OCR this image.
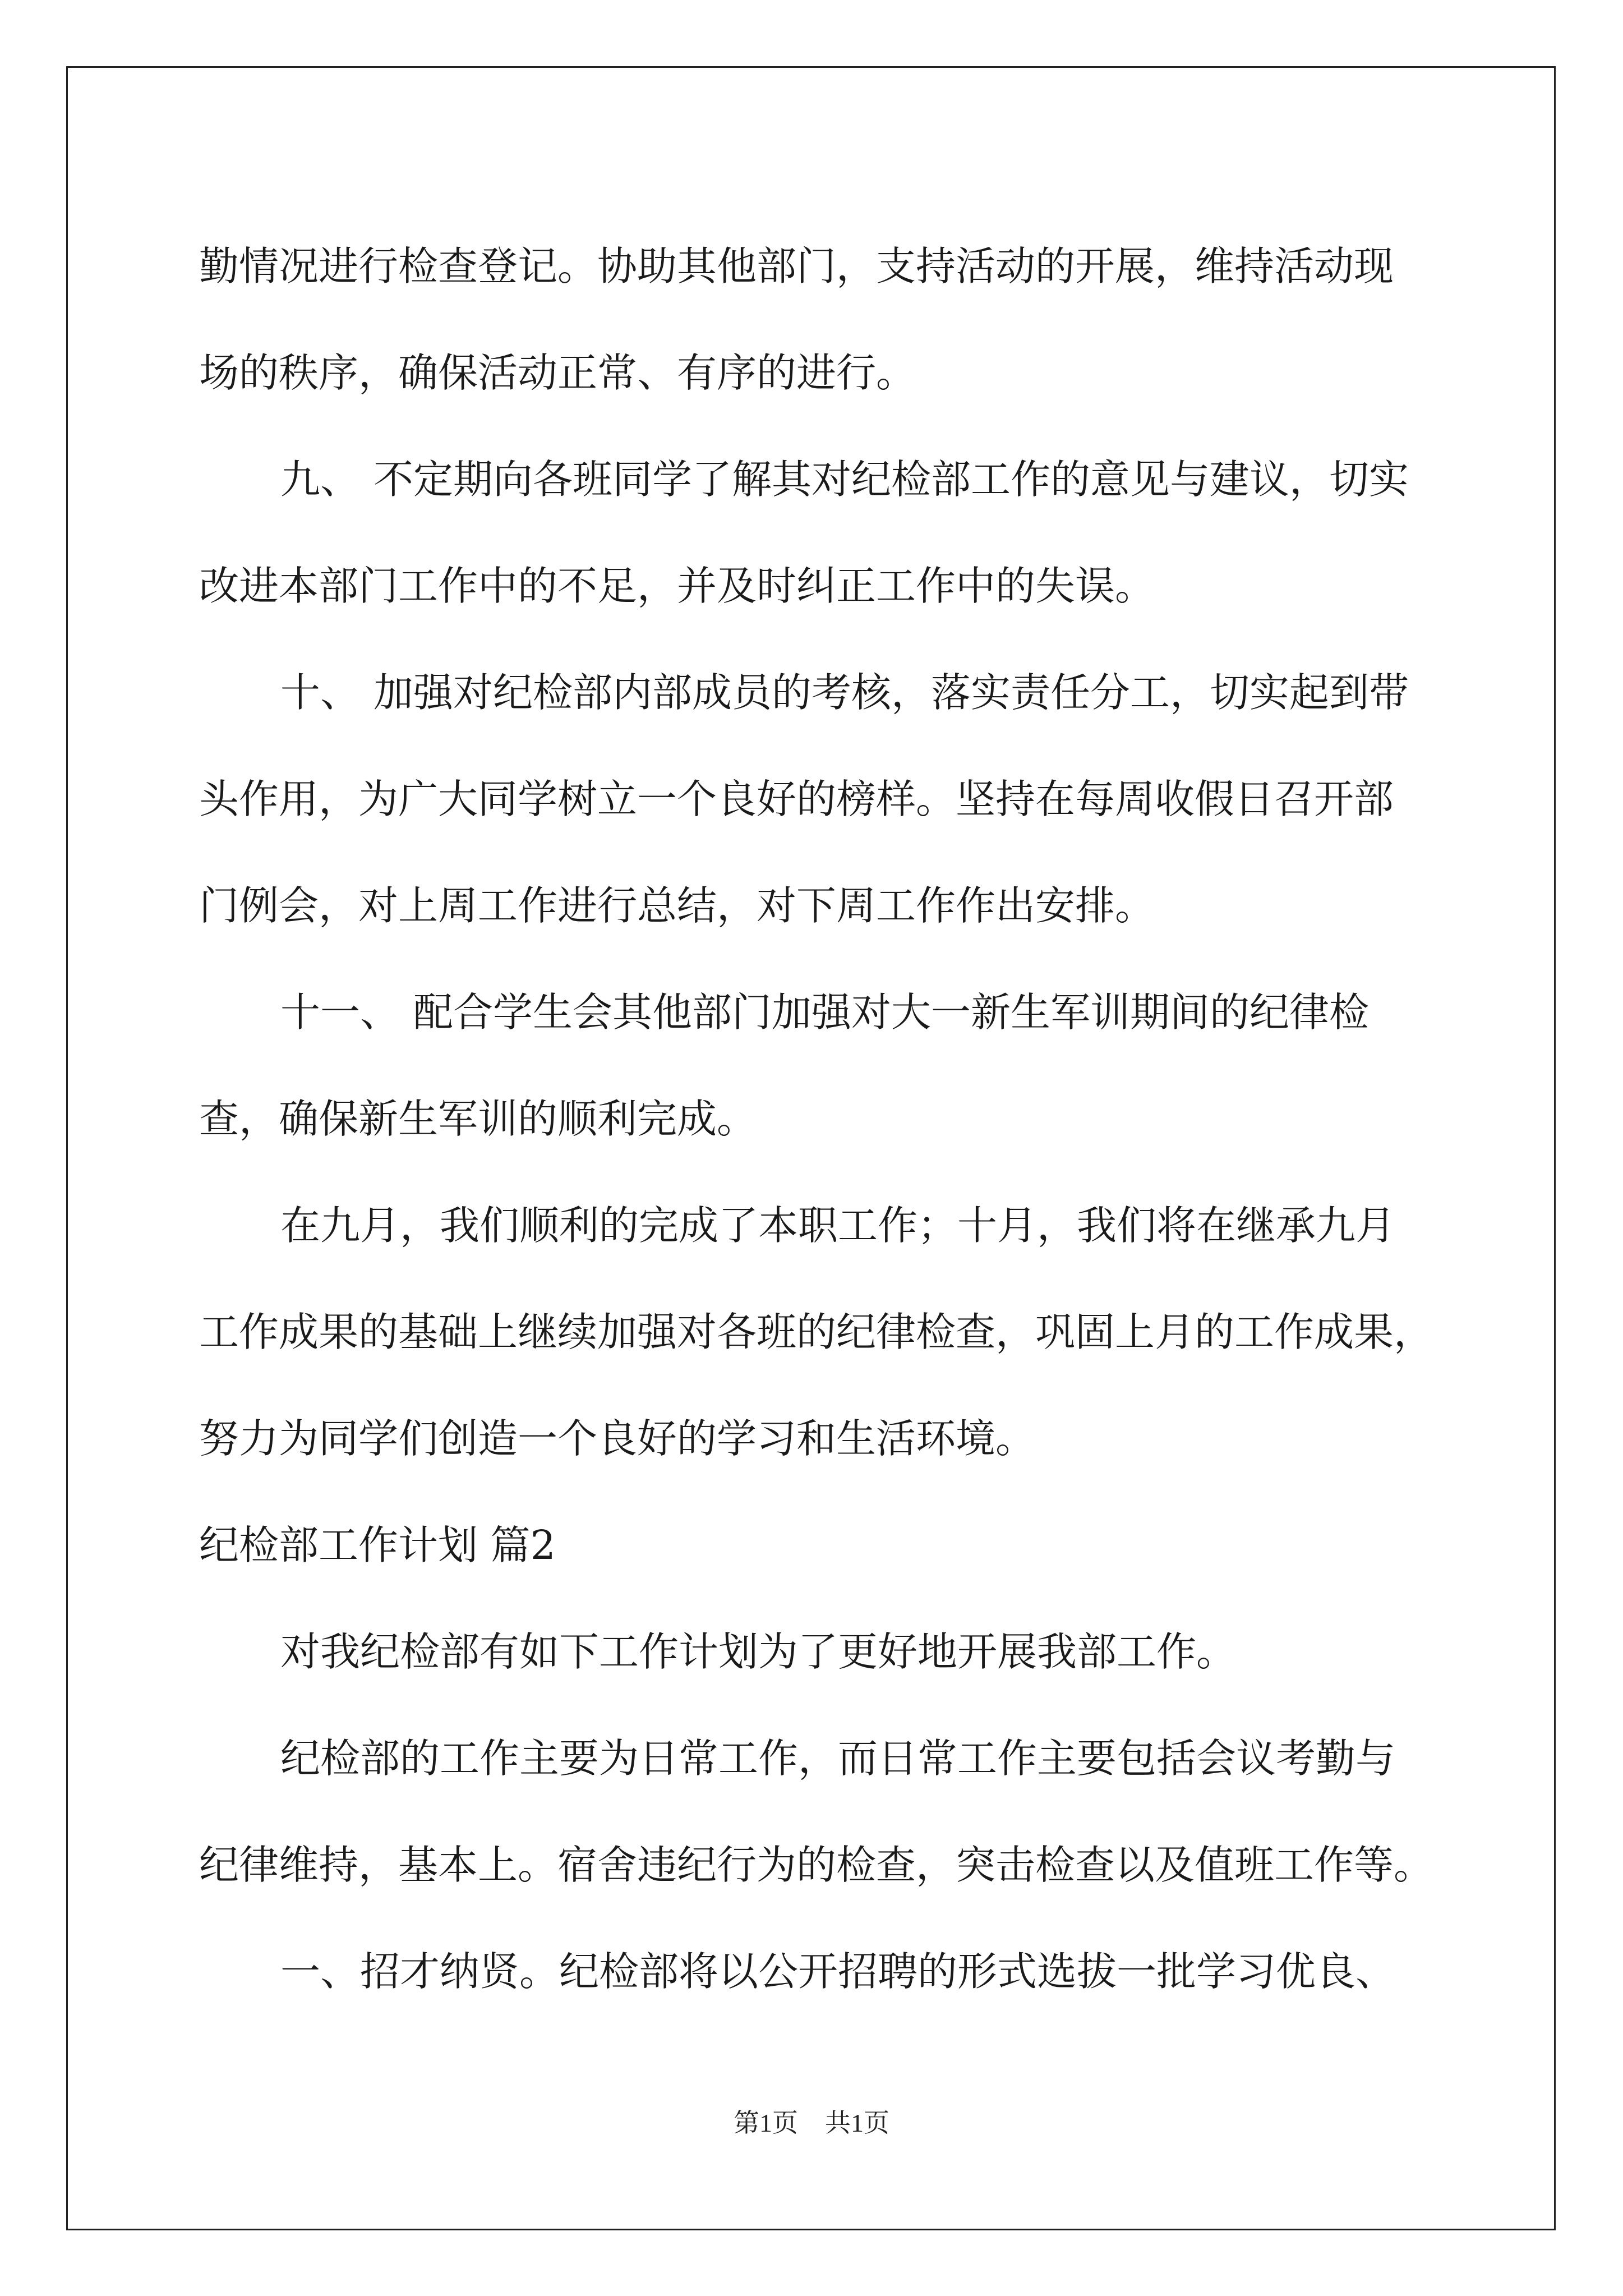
勤情况进行检查登记。协助其他部门，支持活动的开展，维持活动现
场的秩序，确保活动正常、有序的进行。
九、 不定期向各班同学了解其对纪检部工作的意见与建议，切实
改进本部门工作中的不足，并及时纠正工作中的失误。
十、 加强对纪检部内部成员的考核，落实责任分工，切实起到带
头作用，为广大同学树立一个良好的榜样。坚持在每周收假日召开部
门例会，对上周工作进行总结，对下周工作作出安排。
十一、 配合学生会其他部门加强对大一新生军训期间的纪律检
查，确保新生军训的顺利完成。
在九月，我们顺利的完成了本职工作；十月，我们将在继承九月
工作成果的基础上继续加强对各班的纪律检查，巩固上月的工作成果，
努力为同学们创造一个良好的学习和生活环境。
纪检部工作计划 篇2
对我纪检部有如下工作计划为了更好地开展我部工作。
纪检部的工作主要为日常工作，而日常工作主要包括会议考勤与
纪律维持，基本上。宿舍违纪行为的检查，突击检查以及值班工作等。
一、招才纳贤。纪检部将以公开招聘的形式选拔一批学习优良、
第1页 共1页
